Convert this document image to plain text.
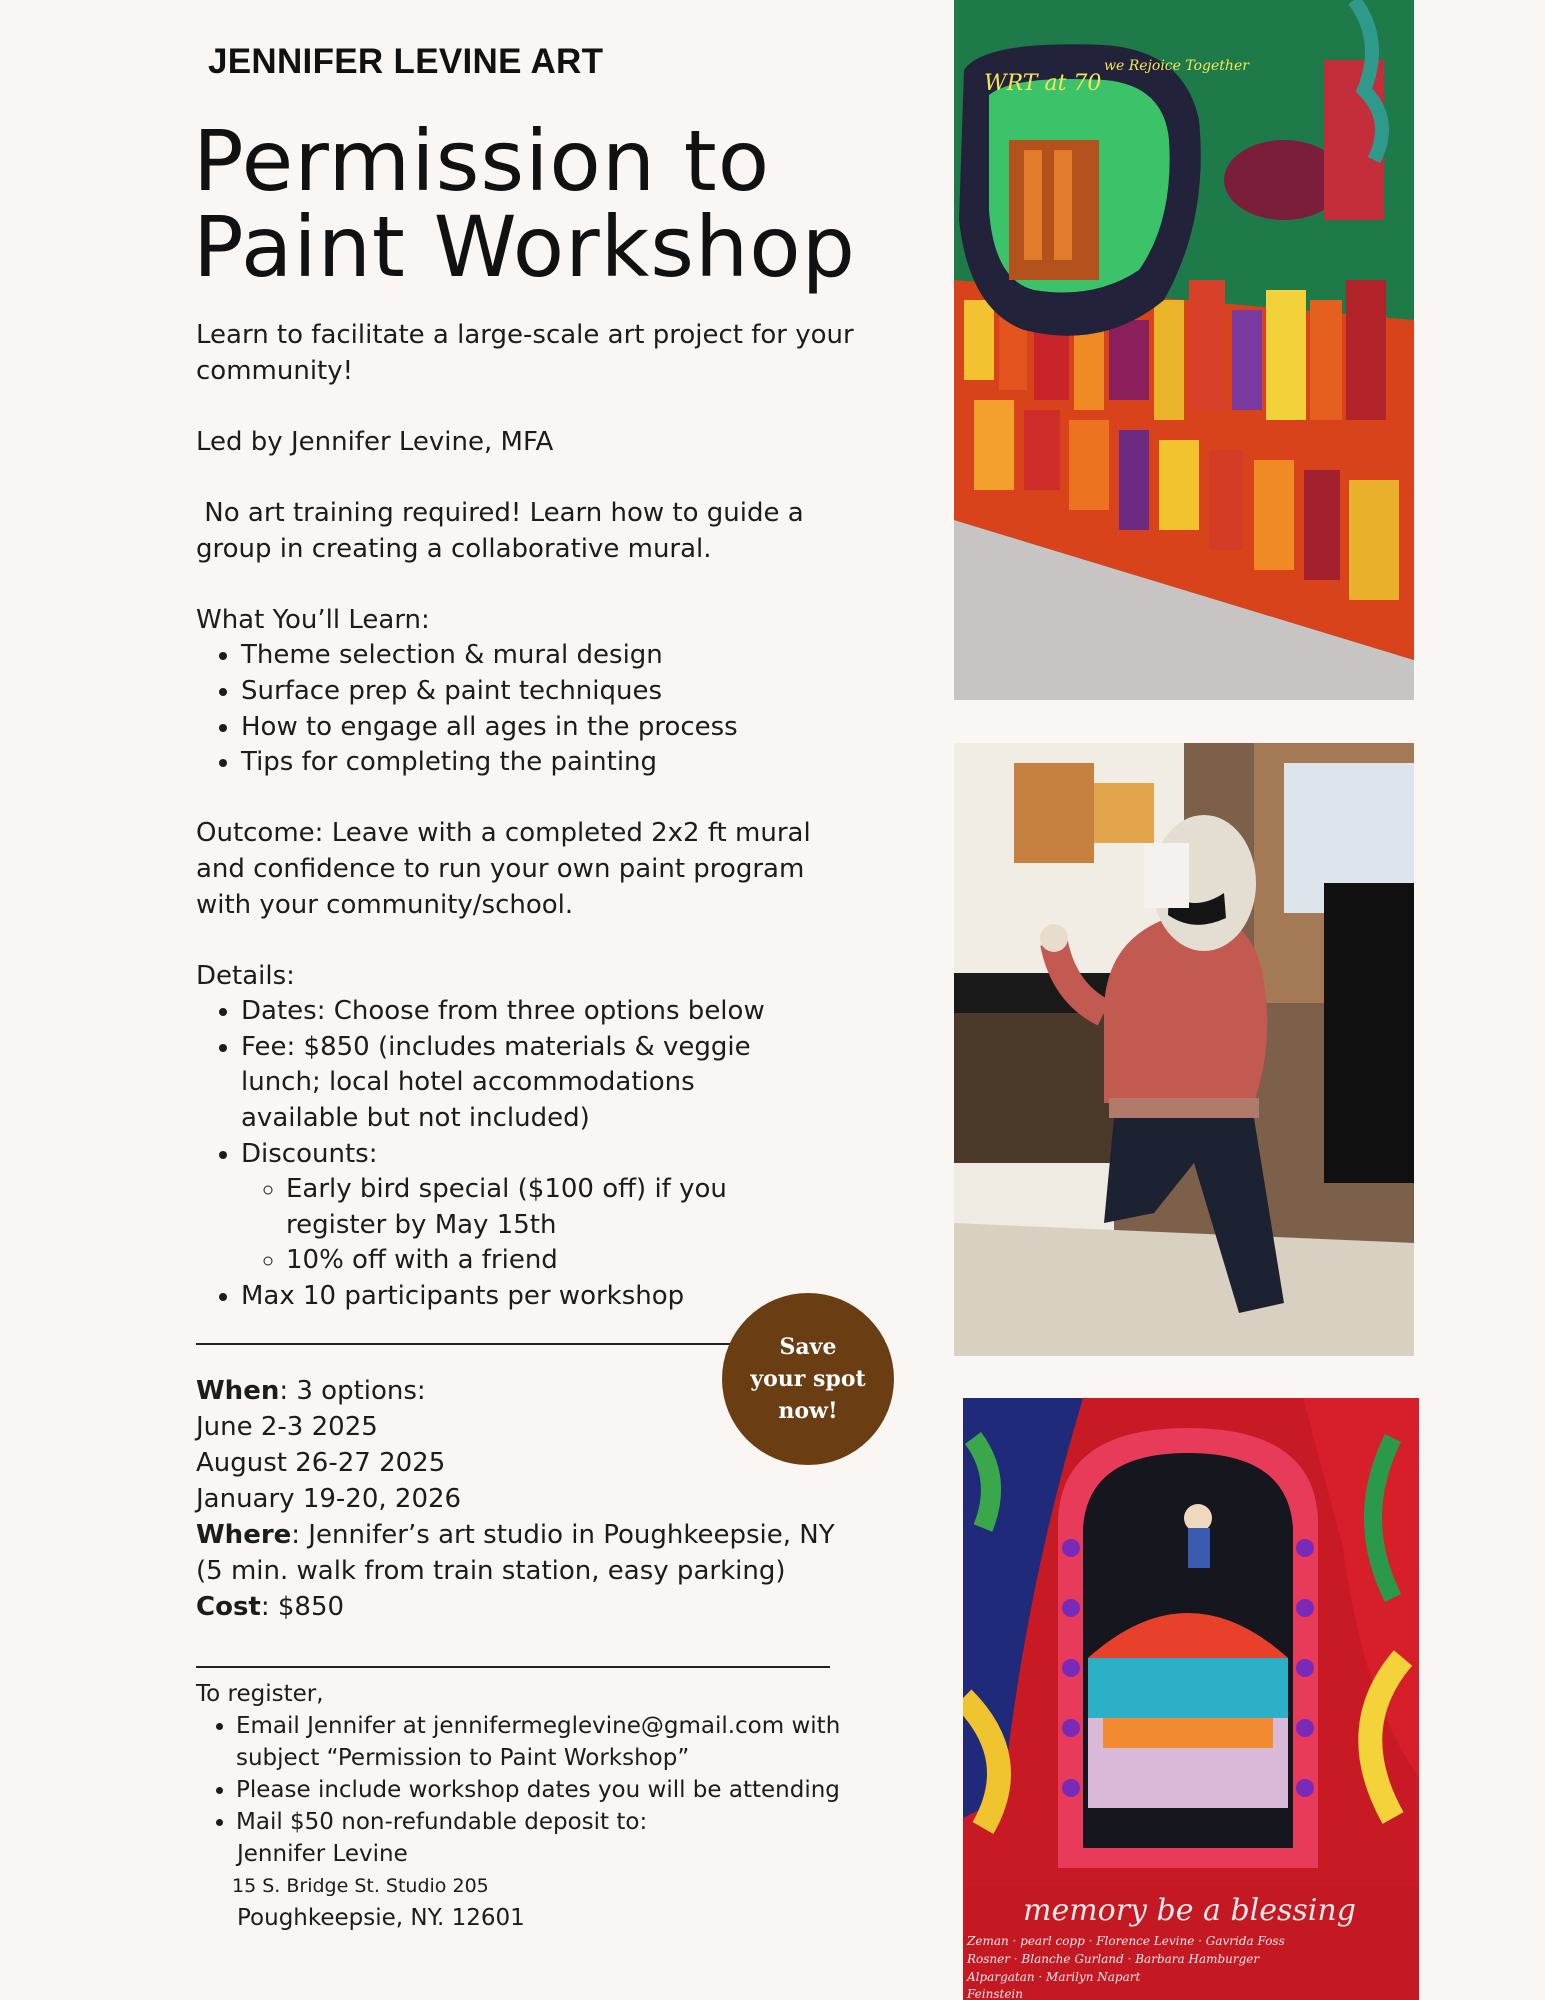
JENNIFER LEVINE ART
Permission to
Paint Workshop

Learn to facilitate a large-scale art project for your community!

Led by Jennifer Levine, MFA

No art training required! Learn how to guide a group in creating a collaborative mural.

What You’ll Learn:

• Theme selection & mural design
• Surface prep & paint techniques
• How to engage all ages in the process
• Tips for completing the painting

Outcome: Leave with a completed 2x2 ft mural and confidence to run your own paint program with your community/school.

Details:

• Dates: Choose from three options below
• Fee: $850 (includes materials & veggie lunch; local hotel accommodations available but not included)
• Discounts:
◦ Early bird special ($100 off) if you register by May 15th
◦ 10% off with a friend
• Max 10 participants per workshop
Save
your spot
now!
When: 3 options:
June 2-3 2025
August 26-27 2025
January 19-20, 2026
Where: Jennifer’s art studio in Poughkeepsie, NY (5 min. walk from train station, easy parking)
Cost: $850
To register,
• Email Jennifer at jennifermeglevine@gmail.com with subject “Permission to Paint Workshop”
• Please include workshop dates you will be attending
• Mail $50 non-refundable deposit to:
Jennifer Levine
15 S. Bridge St. Studio 205
Poughkeepsie, NY. 12601
WRT at 70
we Rejoice Together
memory be a blessing
Zeman · pearl copp · Florence Levine · Gavrida Foss
Rosner · Blanche Gurland · Barbara Hamburger
Alpargatan · Marilyn Napart
Feinstein
